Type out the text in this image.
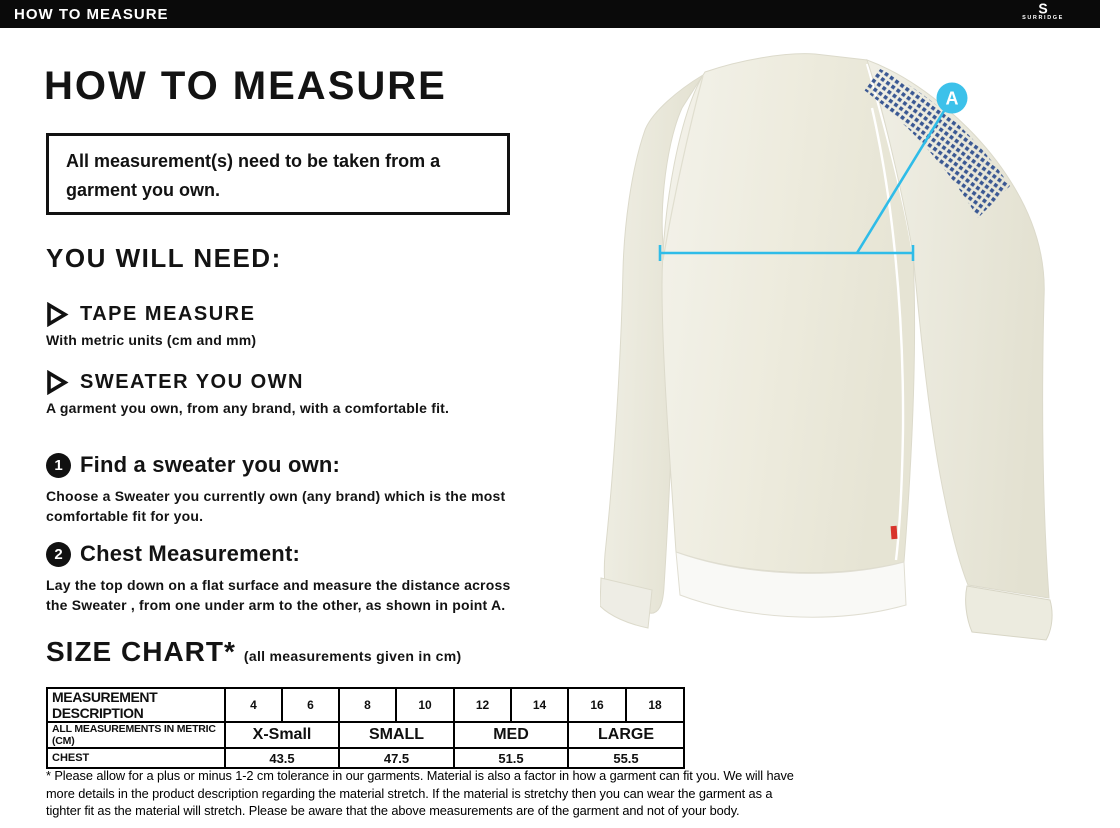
HOW TO MEASURE	S
SURRIDGE
HOW TO MEASURE
All measurement(s) need to be taken from a
garment you own.
YOU WILL NEED:
TAPE MEASURE
With metric units (cm and mm)
SWEATER YOU OWN
A garment you own, from any brand, with a comfortable fit.
1 Find a sweater you own:
Choose a Sweater you currently own (any brand) which is the most
comfortable fit for you.
2 Chest Measurement:
Lay the top down on a flat surface and measure the distance across
the Sweater , from one under arm to the other, as shown in point A.
SIZE CHART* (all measurements given in cm)
MEASUREMENT DESCRIPTION	4	6	8	10	12	14	16	18
ALL MEASUREMENTS IN METRIC (CM)	X-Small		SMALL		MED		LARGE	
CHEST	43.5		47.5		51.5		55.5	
* Please allow for a plus or minus 1-2 cm tolerance in our garments. Material is also a factor in how a garment can fit you. We will have
more details in the product description regarding the material stretch. If the material is stretchy then you can wear the garment as a
tighter fit as the material will stretch. Please be aware that the above measurements are of the garment and not of your body.
A
